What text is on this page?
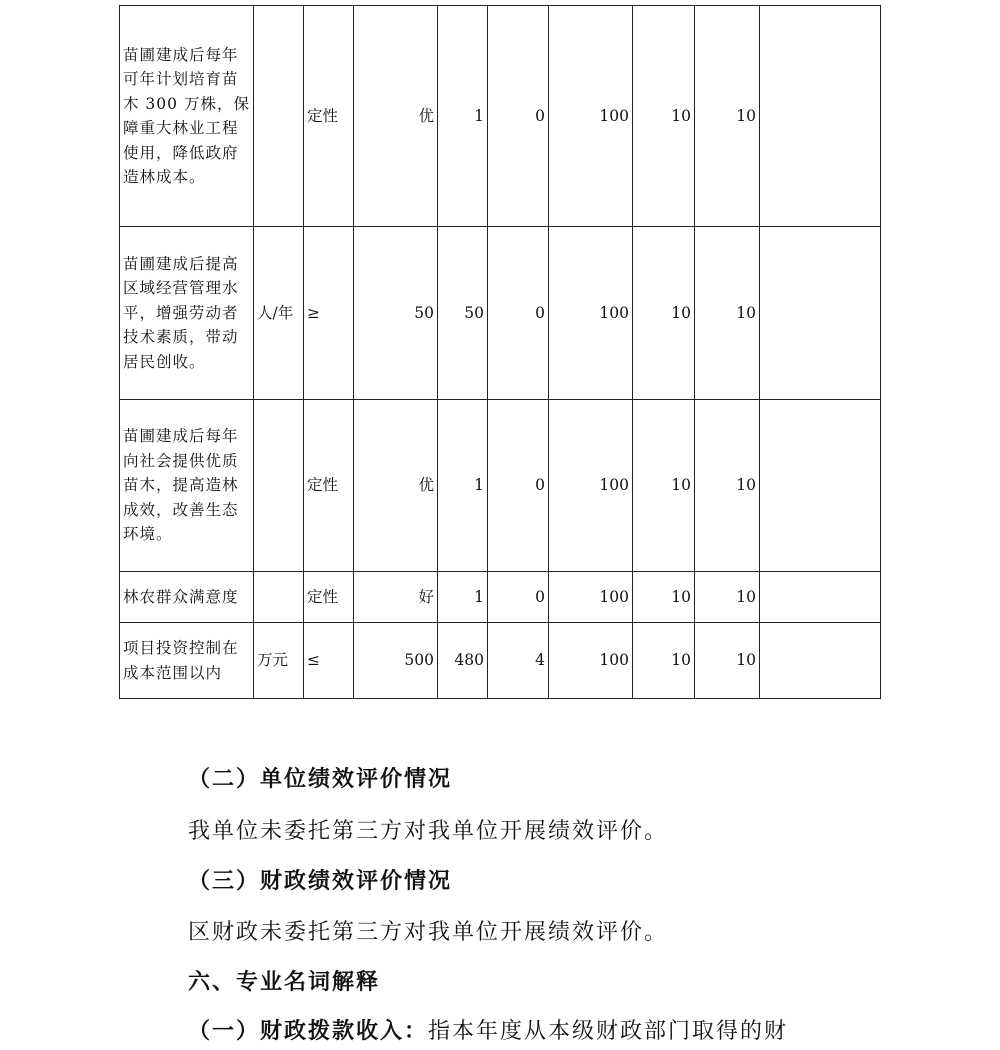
苗圃建成后每年可年计划培育苗木 300 万株，保障重大林业工程使用，降低政府造林成本。		定性	优	1	0	100	10	10	
苗圃建成后提高区域经营管理水平，增强劳动者技术素质，带动居民创收。	人/年	≥	50	50	0	100	10	10	
苗圃建成后每年向社会提供优质苗木，提高造林成效，改善生态环境。		定性	优	1	0	100	10	10	
林农群众满意度		定性	好	1	0	100	10	10	
项目投资控制在成本范围以内	万元	≤	500	480	4	100	10	10	
（二）单位绩效评价情况
我单位未委托第三方对我单位开展绩效评价。
（三）财政绩效评价情况
区财政未委托第三方对我单位开展绩效评价。
六、专业名词解释
（一）财政拨款收入：指本年度从本级财政部门取得的财
